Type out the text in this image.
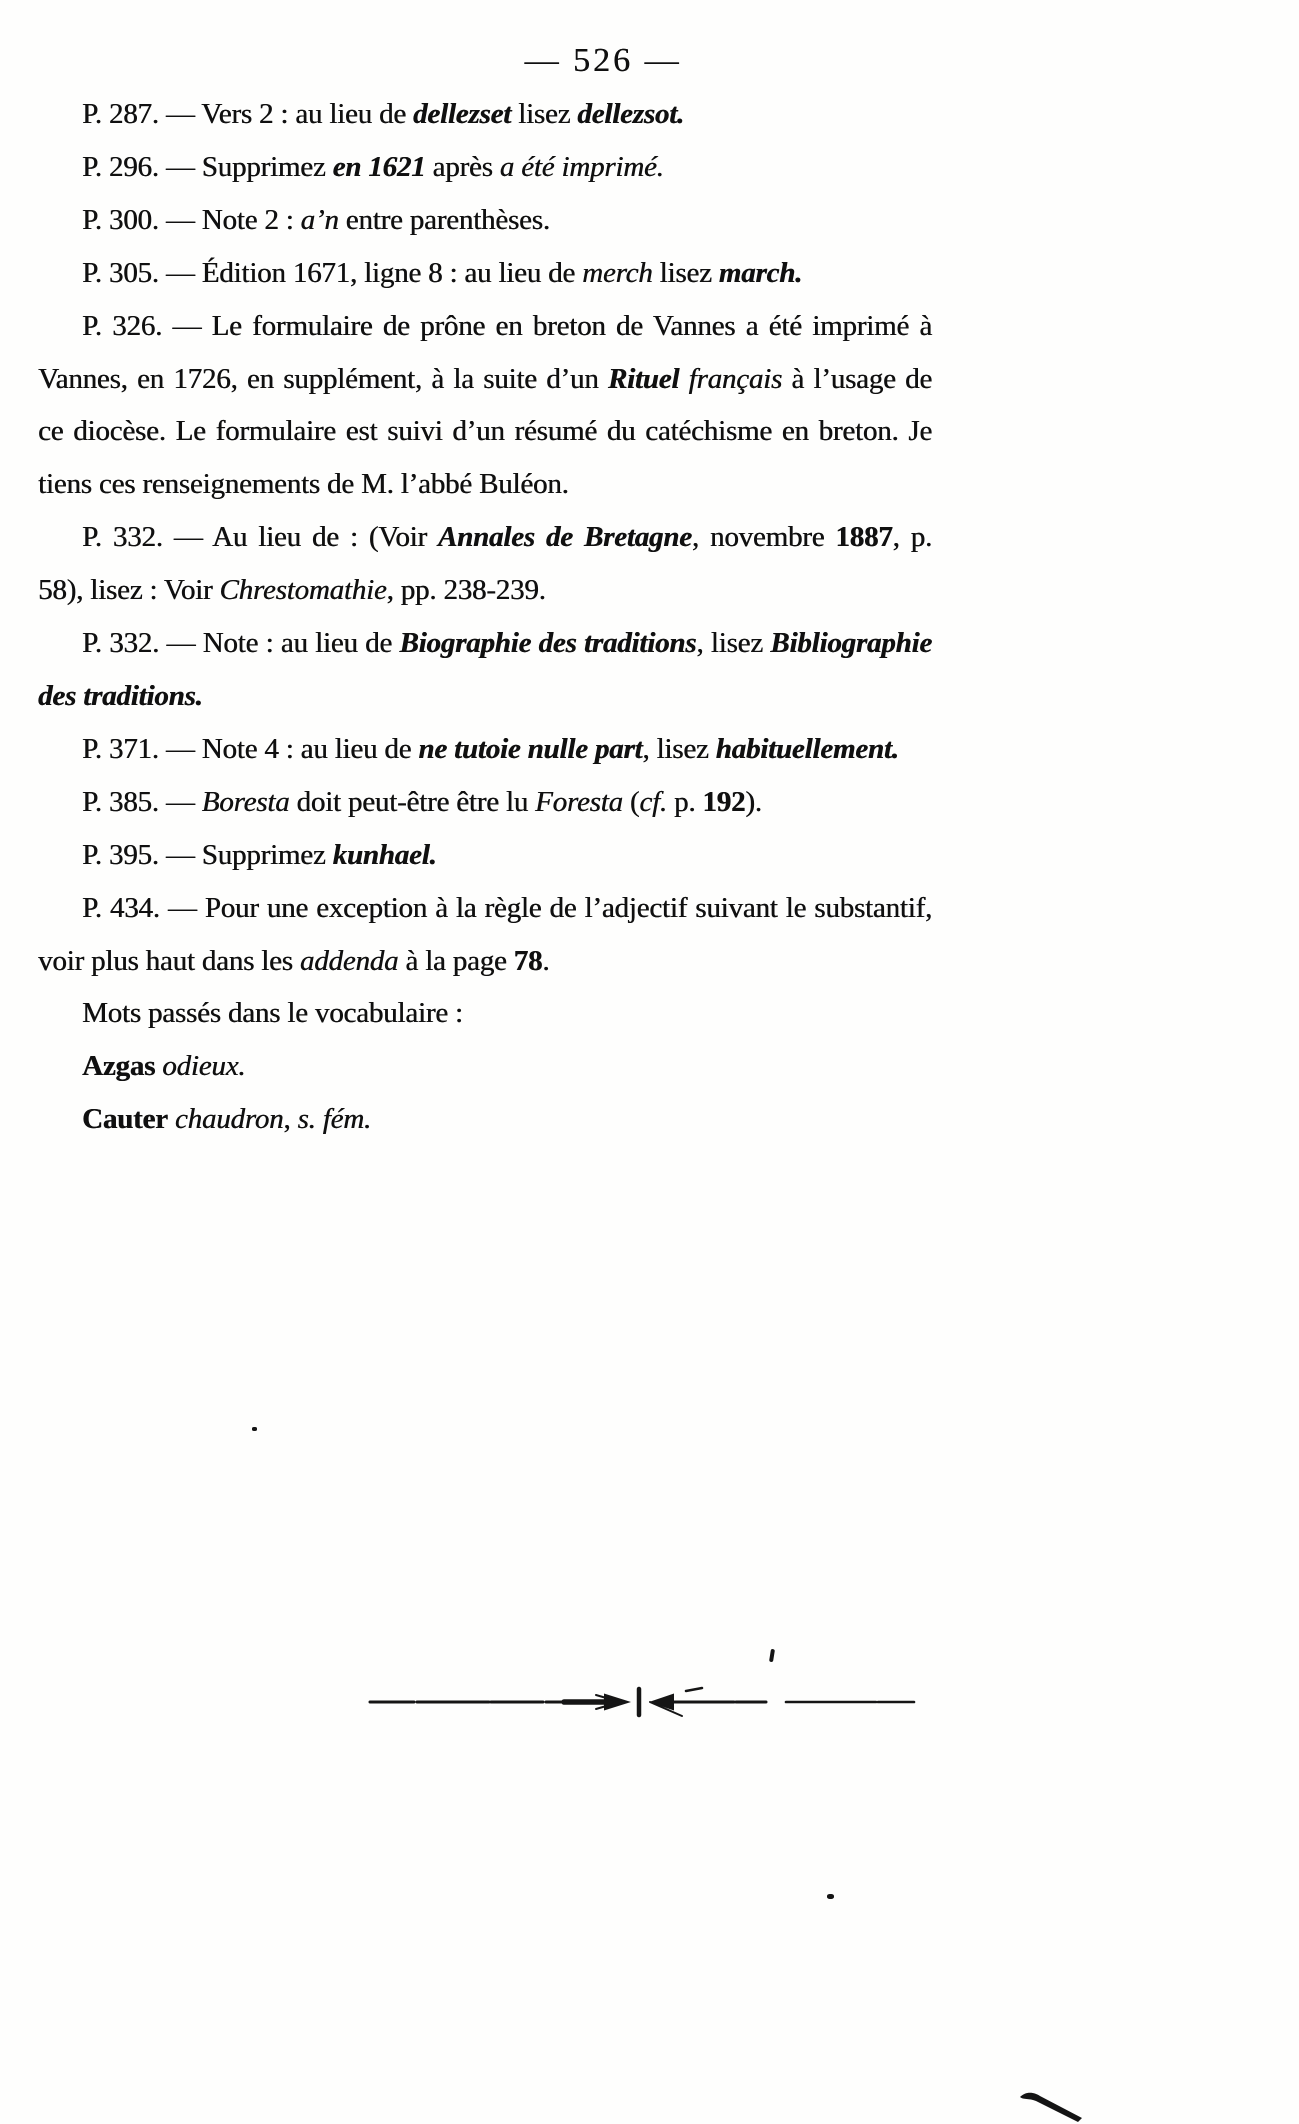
— 526 —

P. 287. — Vers 2 : au lieu de dellezset lisez dellezsot.

P. 296. — Supprimez en 1621 après a été imprimé.

P. 300. — Note 2 : a’n entre parenthèses.

P. 305. — Édition 1671, ligne 8 : au lieu de merch lisez march.

P. 326. — Le formulaire de prône en breton de Vannes a été imprimé à Vannes, en 1726, en supplément, à la suite d’un Rituel français à l’usage de ce diocèse. Le formulaire est suivi d’un résumé du catéchisme en breton. Je tiens ces renseignements de M. l’abbé Buléon.

P. 332. — Au lieu de : (Voir Annales de Bretagne, novembre 1887, p. 58), lisez : Voir Chrestomathie, pp. 238-239.

P. 332. — Note : au lieu de Biographie des traditions, lisez Bibliographie des traditions.

P. 371. — Note 4 : au lieu de ne tutoie nulle part, lisez habituellement.

P. 385. — Boresta doit peut-être être lu Foresta (cf. p. 192).

P. 395. — Supprimez kunhael.

P. 434. — Pour une exception à la règle de l’adjectif suivant le substantif, voir plus haut dans les addenda à la page 78.

Mots passés dans le vocabulaire :

Azgas odieux.

Cauter chaudron, s. fém.
